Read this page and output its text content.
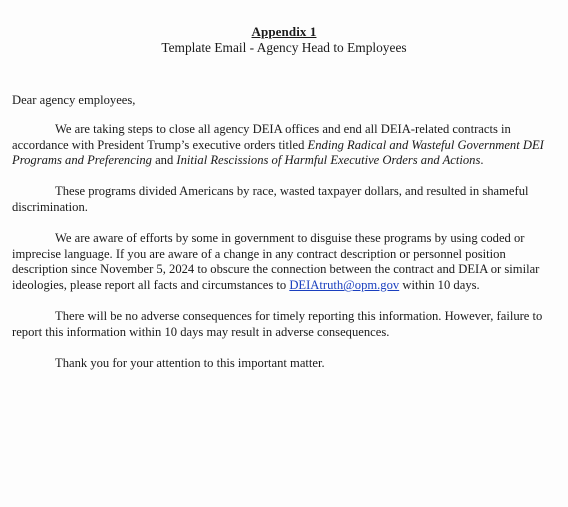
Appendix 1
Template Email - Agency Head to Employees

Dear agency employees,

We are taking steps to close all agency DEIA offices and end all DEIA-related contracts in accordance with President Trump’s executive orders titled Ending Radical and Wasteful Government DEI Programs and Preferencing and Initial Rescissions of Harmful Executive Orders and Actions.

These programs divided Americans by race, wasted taxpayer dollars, and resulted in shameful discrimination.

We are aware of efforts by some in government to disguise these programs by using coded or imprecise language. If you are aware of a change in any contract description or personnel position description since November 5, 2024 to obscure the connection between the contract and DEIA or similar ideologies, please report all facts and circumstances to DEIAtruth@opm.gov within 10 days.

There will be no adverse consequences for timely reporting this information. However, failure to report this information within 10 days may result in adverse consequences.

Thank you for your attention to this important matter.
